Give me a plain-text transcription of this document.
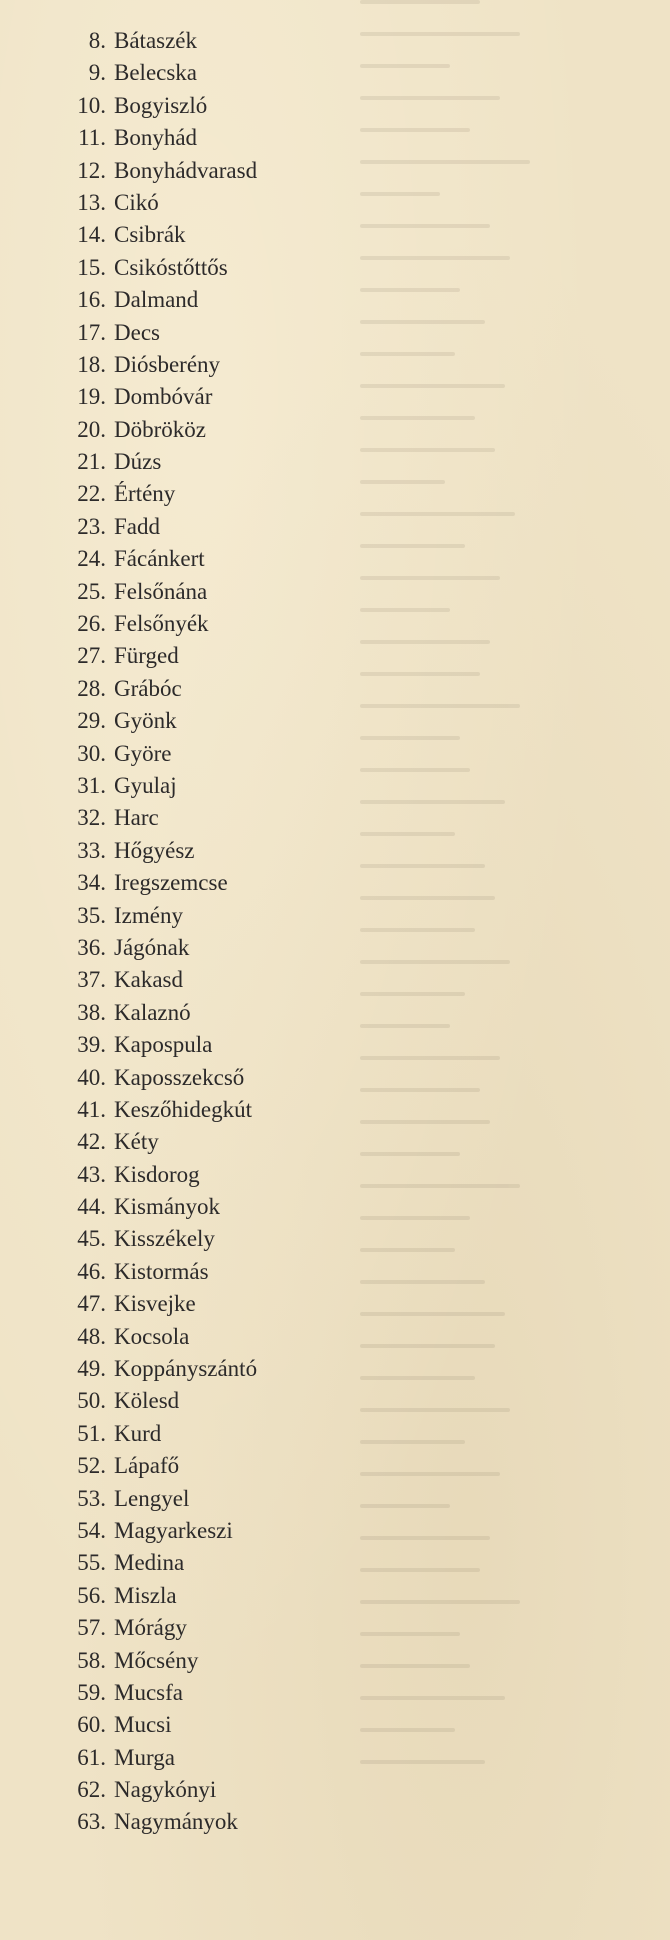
8. Bátaszék
9. Belecska
10. Bogyiszló
11. Bonyhád
12. Bonyhádvarasd
13. Cikó
14. Csibrák
15. Csikóstőttős
16. Dalmand
17. Decs
18. Diósberény
19. Dombóvár
20. Döbrököz
21. Dúzs
22. Értény
23. Fadd
24. Fácánkert
25. Felsőnána
26. Felsőnyék
27. Fürged
28. Grábóc
29. Gyönk
30. Györe
31. Gyulaj
32. Harc
33. Hőgyész
34. Iregszemcse
35. Izmény
36. Jágónak
37. Kakasd
38. Kalaznó
39. Kapospula
40. Kaposszekcső
41. Keszőhidegkút
42. Kéty
43. Kisdorog
44. Kismányok
45. Kisszékely
46. Kistormás
47. Kisvejke
48. Kocsola
49. Koppányszántó
50. Kölesd
51. Kurd
52. Lápafő
53. Lengyel
54. Magyarkeszi
55. Medina
56. Miszla
57. Mórágy
58. Mőcsény
59. Mucsfa
60. Mucsi
61. Murga
62. Nagykónyi
63. Nagymányok
